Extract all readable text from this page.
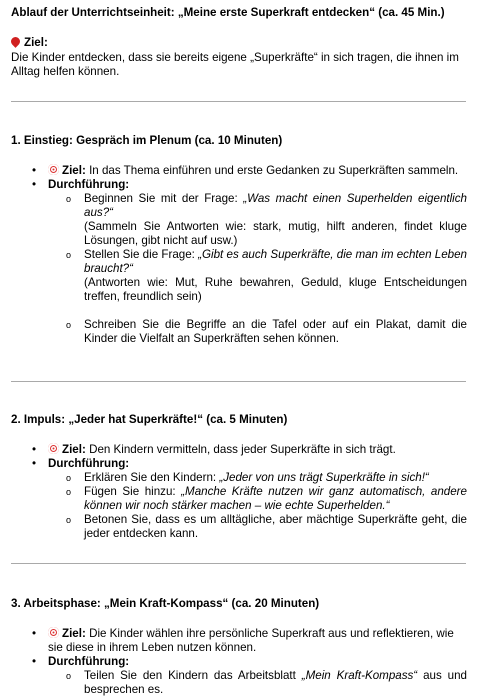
Ablauf der Unterrichtseinheit: „Meine erste Superkraft entdecken“ (ca. 45 Min.)
Ziel:
Die Kinder entdecken, dass sie bereits eigene „Superkräfte“ in sich tragen, die ihnen im Alltag helfen können.
1. Einstieg: Gespräch im Plenum (ca. 10 Minuten)
• Ziel: In das Thema einführen und erste Gedanken zu Superkräften sammeln.
• Durchführung:
o Beginnen Sie mit der Frage: „Was macht einen Superhelden eigentlich aus?“
(Sammeln Sie Antworten wie: stark, mutig, hilft anderen, findet kluge Lösungen, gibt nicht auf usw.)
o Stellen Sie die Frage: „Gibt es auch Superkräfte, die man im echten Leben braucht?“
(Antworten wie: Mut, Ruhe bewahren, Geduld, kluge Entscheidungen treffen, freundlich sein)
o Schreiben Sie die Begriffe an die Tafel oder auf ein Plakat, damit die Kinder die Vielfalt an Superkräften sehen können.
2. Impuls: „Jeder hat Superkräfte!“ (ca. 5 Minuten)
• Ziel: Den Kindern vermitteln, dass jeder Superkräfte in sich trägt.
• Durchführung:
o Erklären Sie den Kindern: „Jeder von uns trägt Superkräfte in sich!“
o Fügen Sie hinzu: „Manche Kräfte nutzen wir ganz automatisch, andere können wir noch stärker machen – wie echte Superhelden.“
o Betonen Sie, dass es um alltägliche, aber mächtige Superkräfte geht, die jeder entdecken kann.
3. Arbeitsphase: „Mein Kraft-Kompass“ (ca. 20 Minuten)
• Ziel: Die Kinder wählen ihre persönliche Superkraft aus und reflektieren, wie sie diese in ihrem Leben nutzen können.
• Durchführung:
o Teilen Sie den Kindern das Arbeitsblatt „Mein Kraft-Kompass“ aus und besprechen es.
